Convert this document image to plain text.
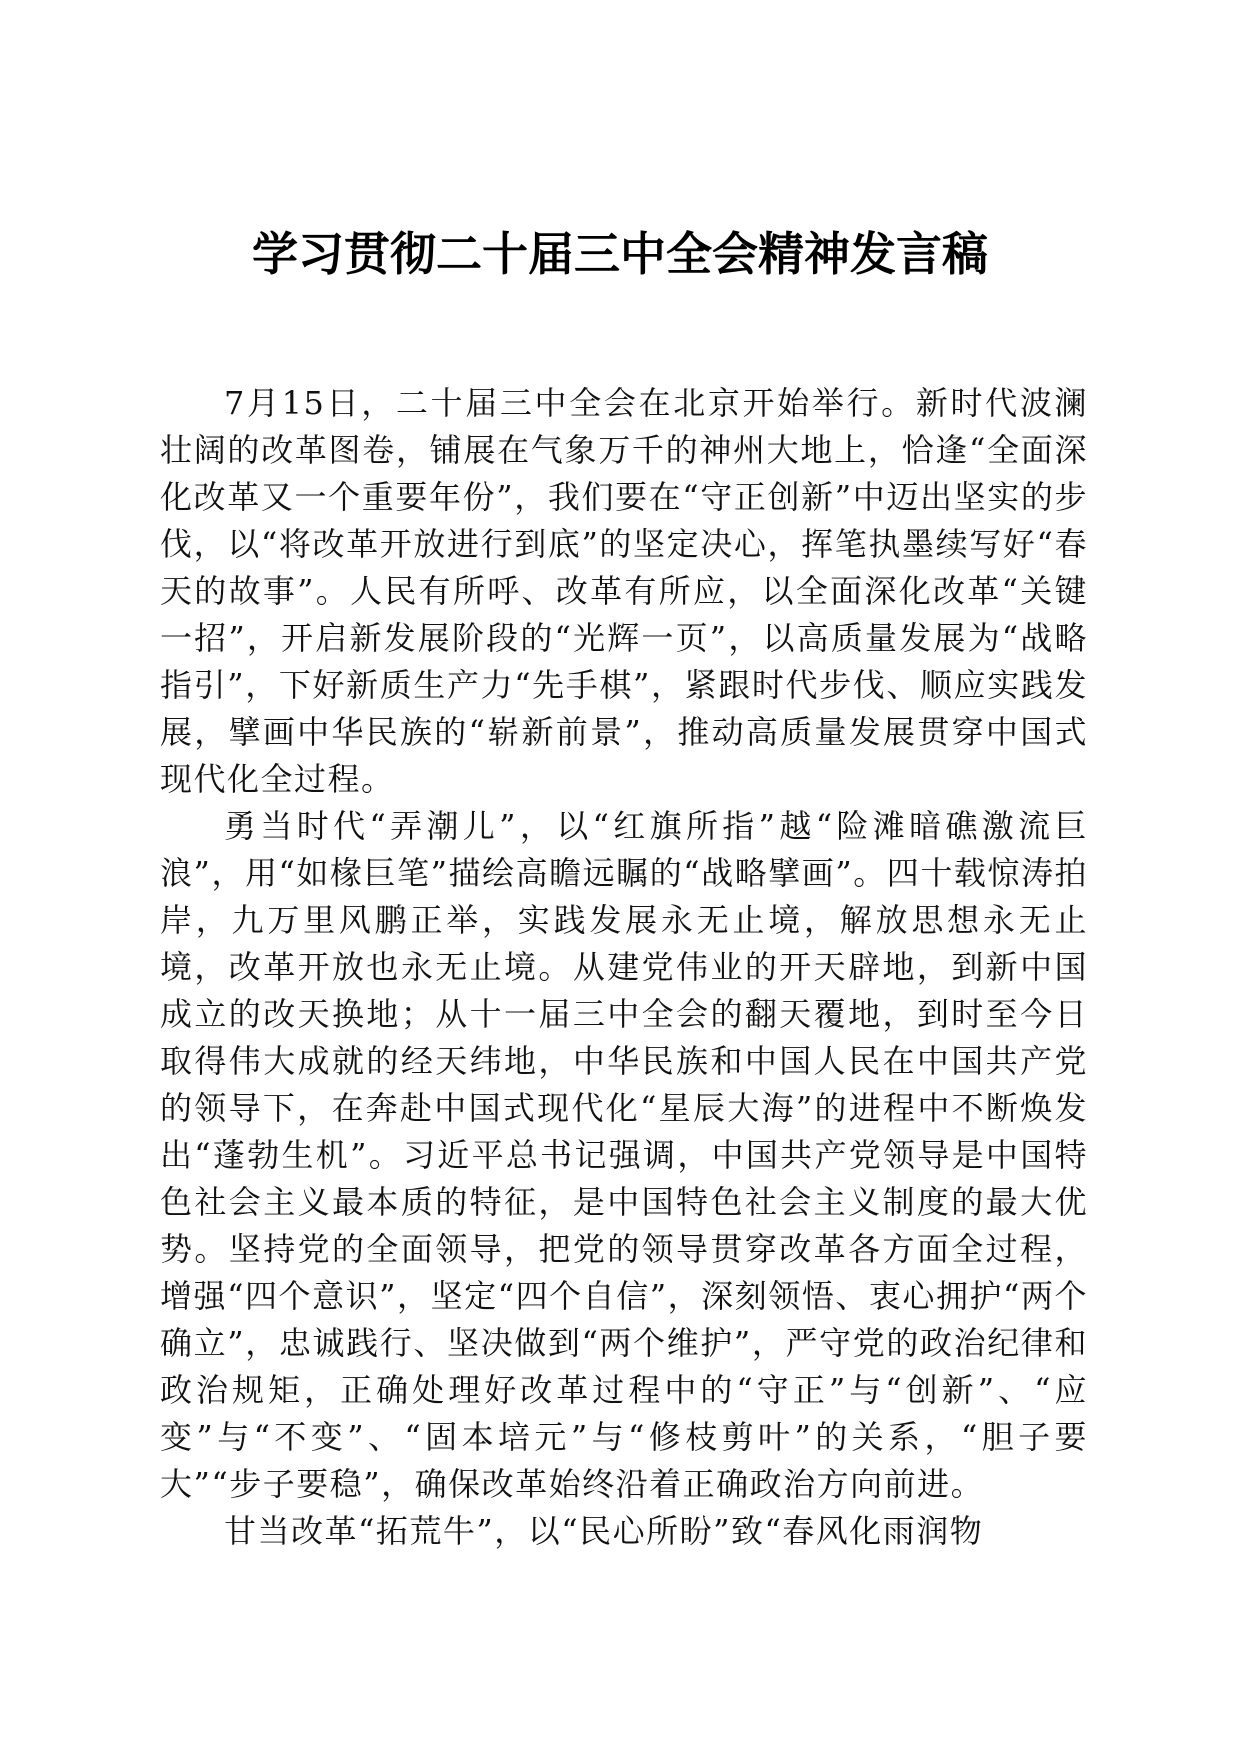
学习贯彻二十届三中全会精神发言稿

7月15日，二十届三中全会在北京开始举行。新时代波澜壮阔的改革图卷，铺展在气象万千的神州大地上，恰逢“全面深化改革又一个重要年份”，我们要在“守正创新”中迈出坚实的步伐，以“将改革开放进行到底”的坚定决心，挥笔执墨续写好“春天的故事”。人民有所呼、改革有所应，以全面深化改革“关键一招”，开启新发展阶段的“光辉一页”，以高质量发展为“战略指引”，下好新质生产力“先手棋”，紧跟时代步伐、顺应实践发展，擘画中华民族的“崭新前景”，推动高质量发展贯穿中国式现代化全过程。

勇当时代“弄潮儿”，以“红旗所指”越“险滩暗礁激流巨浪”，用“如椽巨笔”描绘高瞻远瞩的“战略擘画”。四十载惊涛拍岸，九万里风鹏正举，实践发展永无止境，解放思想永无止境，改革开放也永无止境。从建党伟业的开天辟地，到新中国成立的改天换地；从十一届三中全会的翻天覆地，到时至今日取得伟大成就的经天纬地，中华民族和中国人民在中国共产党的领导下，在奔赴中国式现代化“星辰大海”的进程中不断焕发出“蓬勃生机”。习近平总书记强调，中国共产党领导是中国特色社会主义最本质的特征，是中国特色社会主义制度的最大优势。坚持党的全面领导，把党的领导贯穿改革各方面全过程，增强“四个意识”，坚定“四个自信”，深刻领悟、衷心拥护“两个确立”，忠诚践行、坚决做到“两个维护”，严守党的政治纪律和政治规矩，正确处理好改革过程中的“守正”与“创新”、“应变”与“不变”、“固本培元”与“修枝剪叶”的关系，“胆子要大”“步子要稳”，确保改革始终沿着正确政治方向前进。

甘当改革“拓荒牛”，以“民心所盼”致“春风化雨润物
